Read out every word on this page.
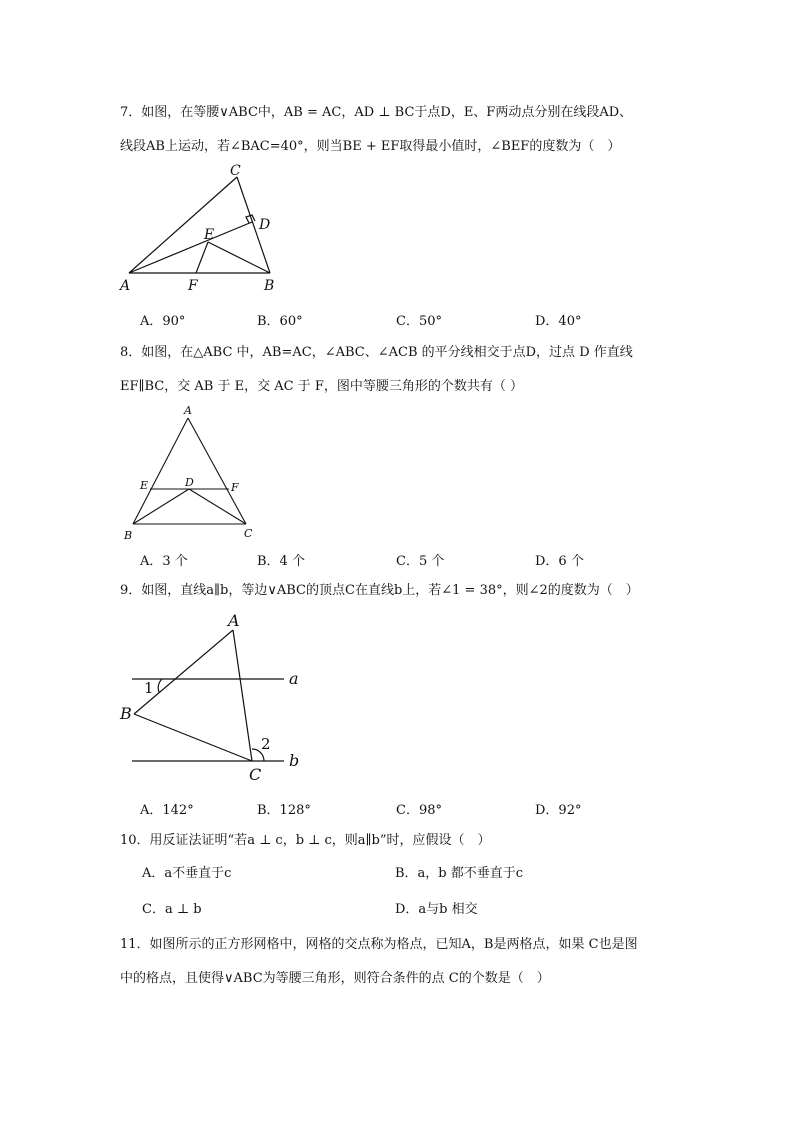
7．如图，在等腰∨ABC中，AB = AC，AD ⊥ BC于点D，E、F两动点分别在线段AD、
线段AB上运动，若∠BAC=40°，则当BE + EF取得最小值时，∠BEF的度数为（　）
C
D
E
A	F	B
A．90°	B．60°	C．50°	D．40°
8．如图，在△ABC 中，AB=AC，∠ABC、∠ACB 的平分线相交于点D，过点 D 作直线
EF∥BC，交 AB 于 E，交 AC 于 F，图中等腰三角形的个数共有（ ）
A
E	D	F
B	C
A．3 个	B．4 个	C．5 个	D．6 个
9．如图，直线a∥b，等边∨ABC的顶点C在直线b上，若∠1 = 38°，则∠2的度数为（　）
A
B
C
a
b
1
2
A．142°	B．128°	C．98°	D．92°
10．用反证法证明“若a ⊥ c，b ⊥ c，则a∥b”时，应假设（　）
A．a不垂直于c	B．a，b 都不垂直于c
C．a ⊥ b	D．a与b 相交
11．如图所示的正方形网格中，网格的交点称为格点，已知A，B是两格点，如果 C也是图
中的格点，且使得∨ABC为等腰三角形，则符合条件的点 C的个数是（　）
